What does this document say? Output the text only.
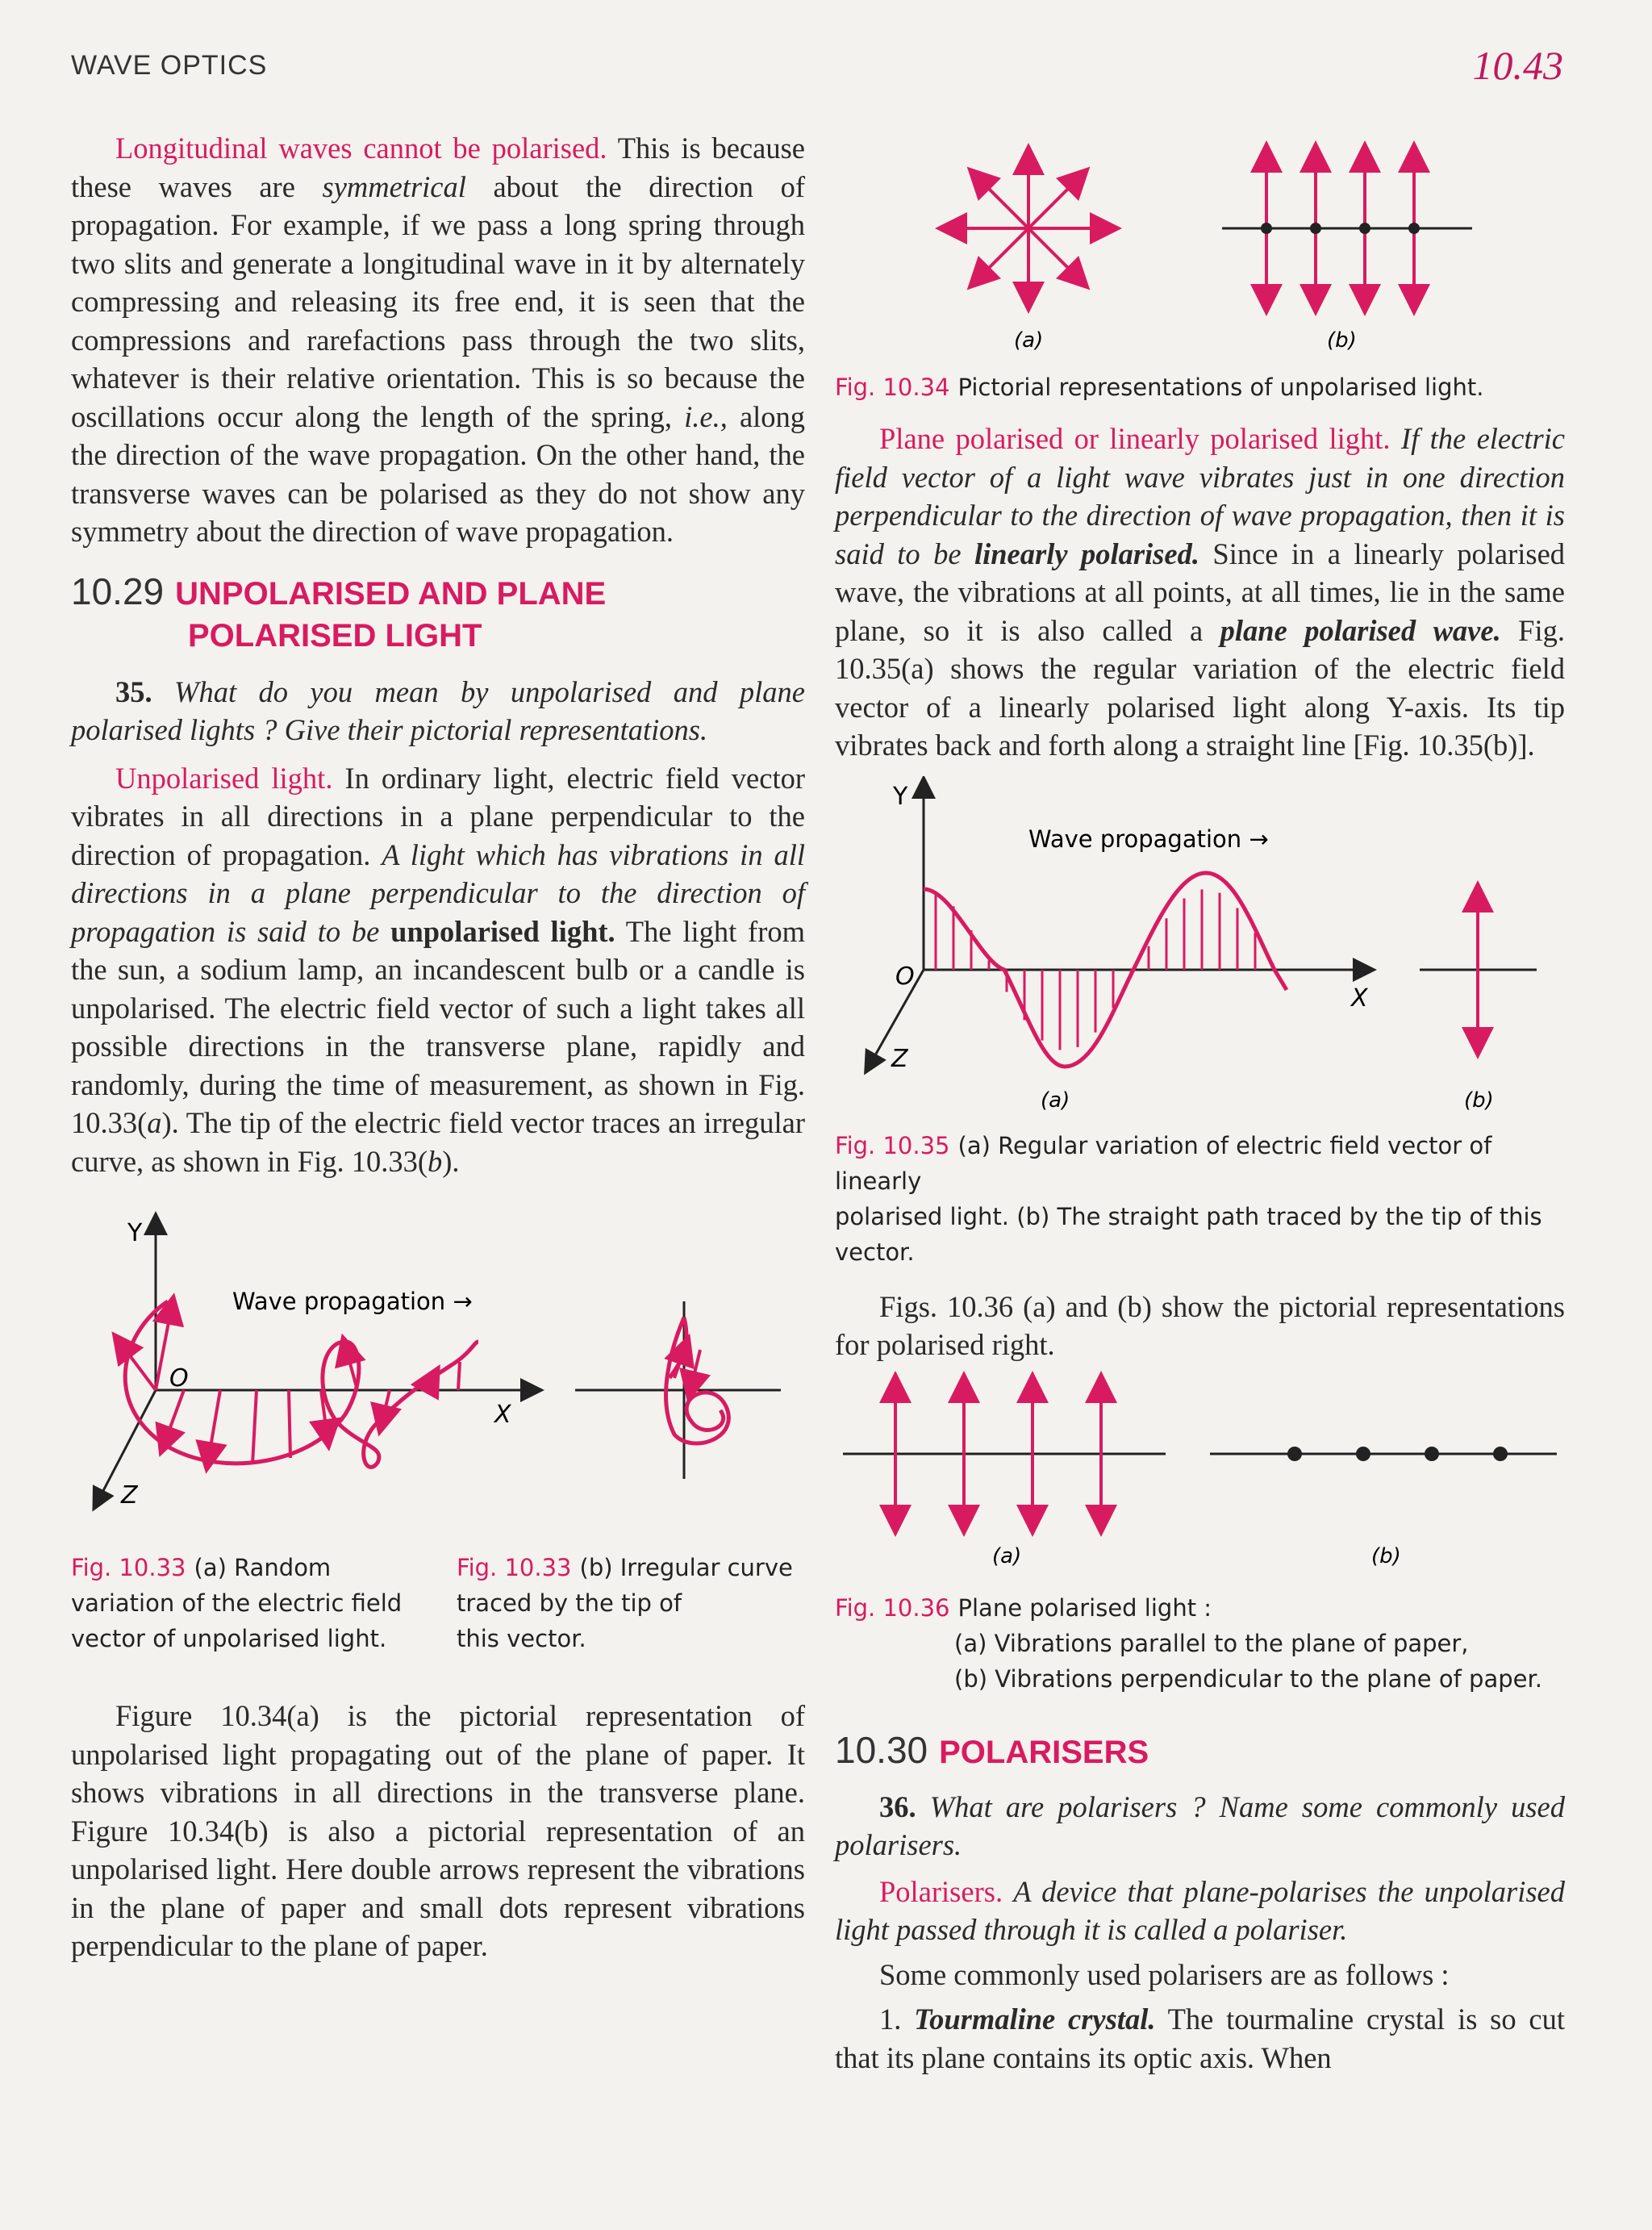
WAVE OPTICS	10.43

Longitudinal waves cannot be polarised. This is because these waves are symmetrical about the direction of propagation. For example, if we pass a long spring through two slits and generate a longitudinal wave in it by alternately compressing and releasing its free end, it is seen that the compressions and rarefactions pass through the two slits, whatever is their relative orientation. This is so because the oscillations occur along the length of the spring, i.e., along the direction of the wave propagation. On the other hand, the transverse waves can be polarised as they do not show any symmetry about the direction of wave propagation.

10.29 UNPOLARISED AND PLANE
POLARISED LIGHT

35. What do you mean by unpolarised and plane polarised lights ? Give their pictorial representations.

Unpolarised light. In ordinary light, electric field vector vibrates in all directions in a plane perpendicular to the direction of propagation. A light which has vibrations in all directions in a plane perpendicular to the direction of propagation is said to be unpolarised light. The light from the sun, a sodium lamp, an incandescent bulb or a candle is unpolarised. The electric field vector of such a light takes all possible directions in the transverse plane, rapidly and randomly, during the time of measurement, as shown in Fig. 10.33(a). The tip of the electric field vector traces an irregular curve, as shown in Fig. 10.33(b).

Y
O
X
Z
Wave propagation →
Fig. 10.33 (a) Random
variation of the electric field
vector of unpolarised light.
Fig. 10.33 (b) Irregular curve
traced by the tip of
this vector.

Figure 10.34(a) is the pictorial representation of unpolarised light propagating out of the plane of paper. It shows vibrations in all directions in the transverse plane. Figure 10.34(b) is also a pictorial representation of an unpolarised light. Here double arrows represent the vibrations in the plane of paper and small dots represent vibrations perpendicular to the plane of paper.

(a)	(b)
Fig. 10.34 Pictorial representations of unpolarised light.

Plane polarised or linearly polarised light. If the electric field vector of a light wave vibrates just in one direction perpendicular to the direction of wave propagation, then it is said to be linearly polarised. Since in a linearly polarised wave, the vibrations at all points, at all times, lie in the same plane, so it is also called a plane polarised wave. Fig. 10.35(a) shows the regular variation of the electric field vector of a linearly polarised light along Y-axis. Its tip vibrates back and forth along a straight line [Fig. 10.35(b)].

Y
O
X
Z
Wave propagation →
(a)	(b)
Fig. 10.35 (a) Regular variation of electric field vector of linearly
polarised light. (b) The straight path traced by the tip of this
vector.

Figs. 10.36 (a) and (b) show the pictorial representations for polarised right.

(a)	(b)
Fig. 10.36 Plane polarised light :
(a) Vibrations parallel to the plane of paper,
(b) Vibrations perpendicular to the plane of paper.
10.30 POLARISERS

36. What are polarisers ? Name some commonly used polarisers.

Polarisers. A device that plane-polarises the unpolarised light passed through it is called a polariser.

Some commonly used polarisers are as follows :

1. Tourmaline crystal. The tourmaline crystal is so cut that its plane contains its optic axis. When
